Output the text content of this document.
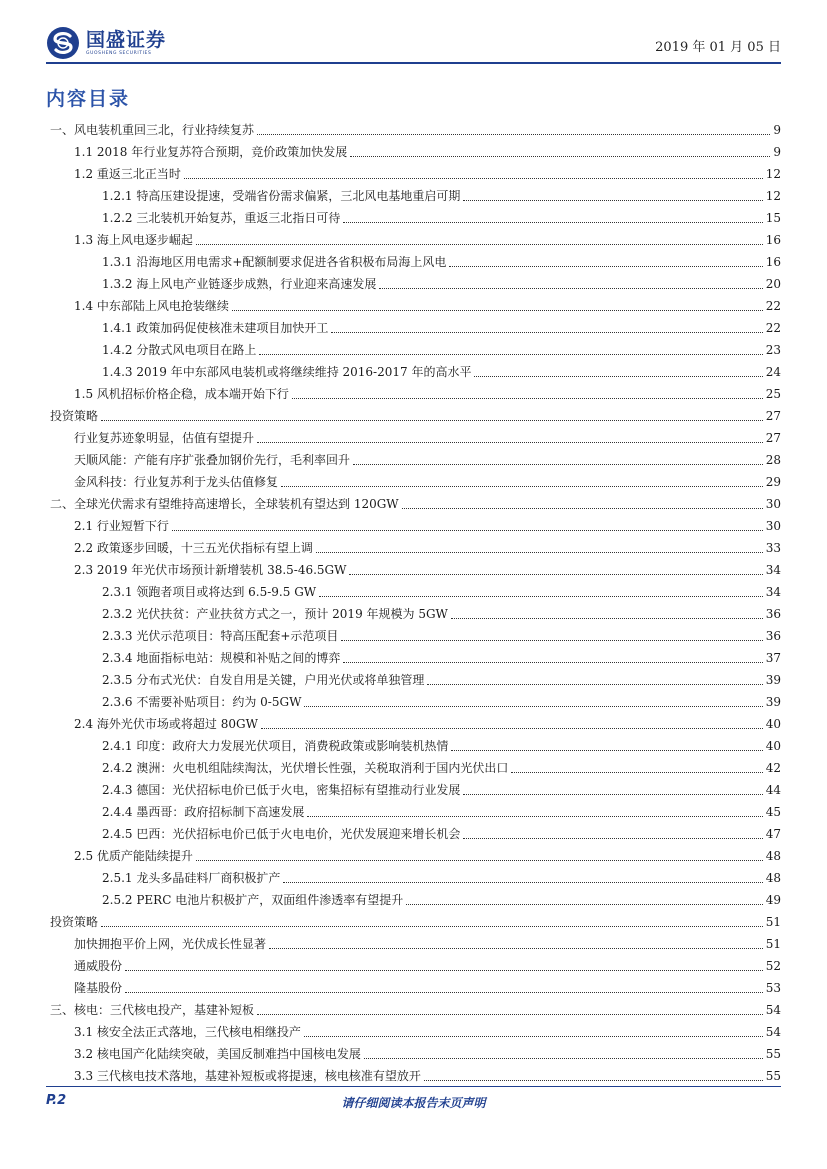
国盛证券
GUOSHENG SECURITIES	2019 年 01 月 05 日
内容目录
一、风电装机重回三北，行业持续复苏	9
1.1 2018 年行业复苏符合预期，竞价政策加快发展	9
1.2 重返三北正当时	12
1.2.1 特高压建设提速，受端省份需求偏紧，三北风电基地重启可期	12
1.2.2 三北装机开始复苏，重返三北指日可待	15
1.3 海上风电逐步崛起	16
1.3.1 沿海地区用电需求+配额制要求促进各省积极布局海上风电	16
1.3.2 海上风电产业链逐步成熟，行业迎来高速发展	20
1.4 中东部陆上风电抢装继续	22
1.4.1 政策加码促使核准未建项目加快开工	22
1.4.2 分散式风电项目在路上	23
1.4.3 2019 年中东部风电装机或将继续维持 2016-2017 年的高水平	24
1.5 风机招标价格企稳，成本端开始下行	25
投资策略	27
行业复苏迹象明显，估值有望提升	27
天顺风能：产能有序扩张叠加钢价先行，毛利率回升	28
金风科技：行业复苏利于龙头估值修复	29
二、全球光伏需求有望维持高速增长，全球装机有望达到 120GW	30
2.1 行业短暂下行	30
2.2 政策逐步回暖，十三五光伏指标有望上调	33
2.3 2019 年光伏市场预计新增装机 38.5-46.5GW	34
2.3.1 领跑者项目或将达到 6.5-9.5 GW	34
2.3.2 光伏扶贫：产业扶贫方式之一，预计 2019 年规模为 5GW	36
2.3.3 光伏示范项目：特高压配套+示范项目	36
2.3.4 地面指标电站：规模和补贴之间的博弈	37
2.3.5 分布式光伏：自发自用是关键，户用光伏或将单独管理	39
2.3.6 不需要补贴项目：约为 0-5GW	39
2.4 海外光伏市场或将超过 80GW	40
2.4.1 印度：政府大力发展光伏项目，消费税政策或影响装机热情	40
2.4.2 澳洲：火电机组陆续淘汰，光伏增长性强，关税取消利于国内光伏出口	42
2.4.3 德国：光伏招标电价已低于火电，密集招标有望推动行业发展	44
2.4.4 墨西哥：政府招标制下高速发展	45
2.4.5 巴西：光伏招标电价已低于火电电价，光伏发展迎来增长机会	47
2.5 优质产能陆续提升	48
2.5.1 龙头多晶硅料厂商积极扩产	48
2.5.2 PERC 电池片积极扩产，双面组件渗透率有望提升	49
投资策略	51
加快拥抱平价上网，光伏成长性显著	51
通威股份	52
隆基股份	53
三、核电：三代核电投产，基建补短板	54
3.1 核安全法正式落地，三代核电相继投产	54
3.2 核电国产化陆续突破，美国反制难挡中国核电发展	55
3.3 三代核电技术落地，基建补短板或将提速，核电核准有望放开	55
P.2	请仔细阅读本报告末页声明
